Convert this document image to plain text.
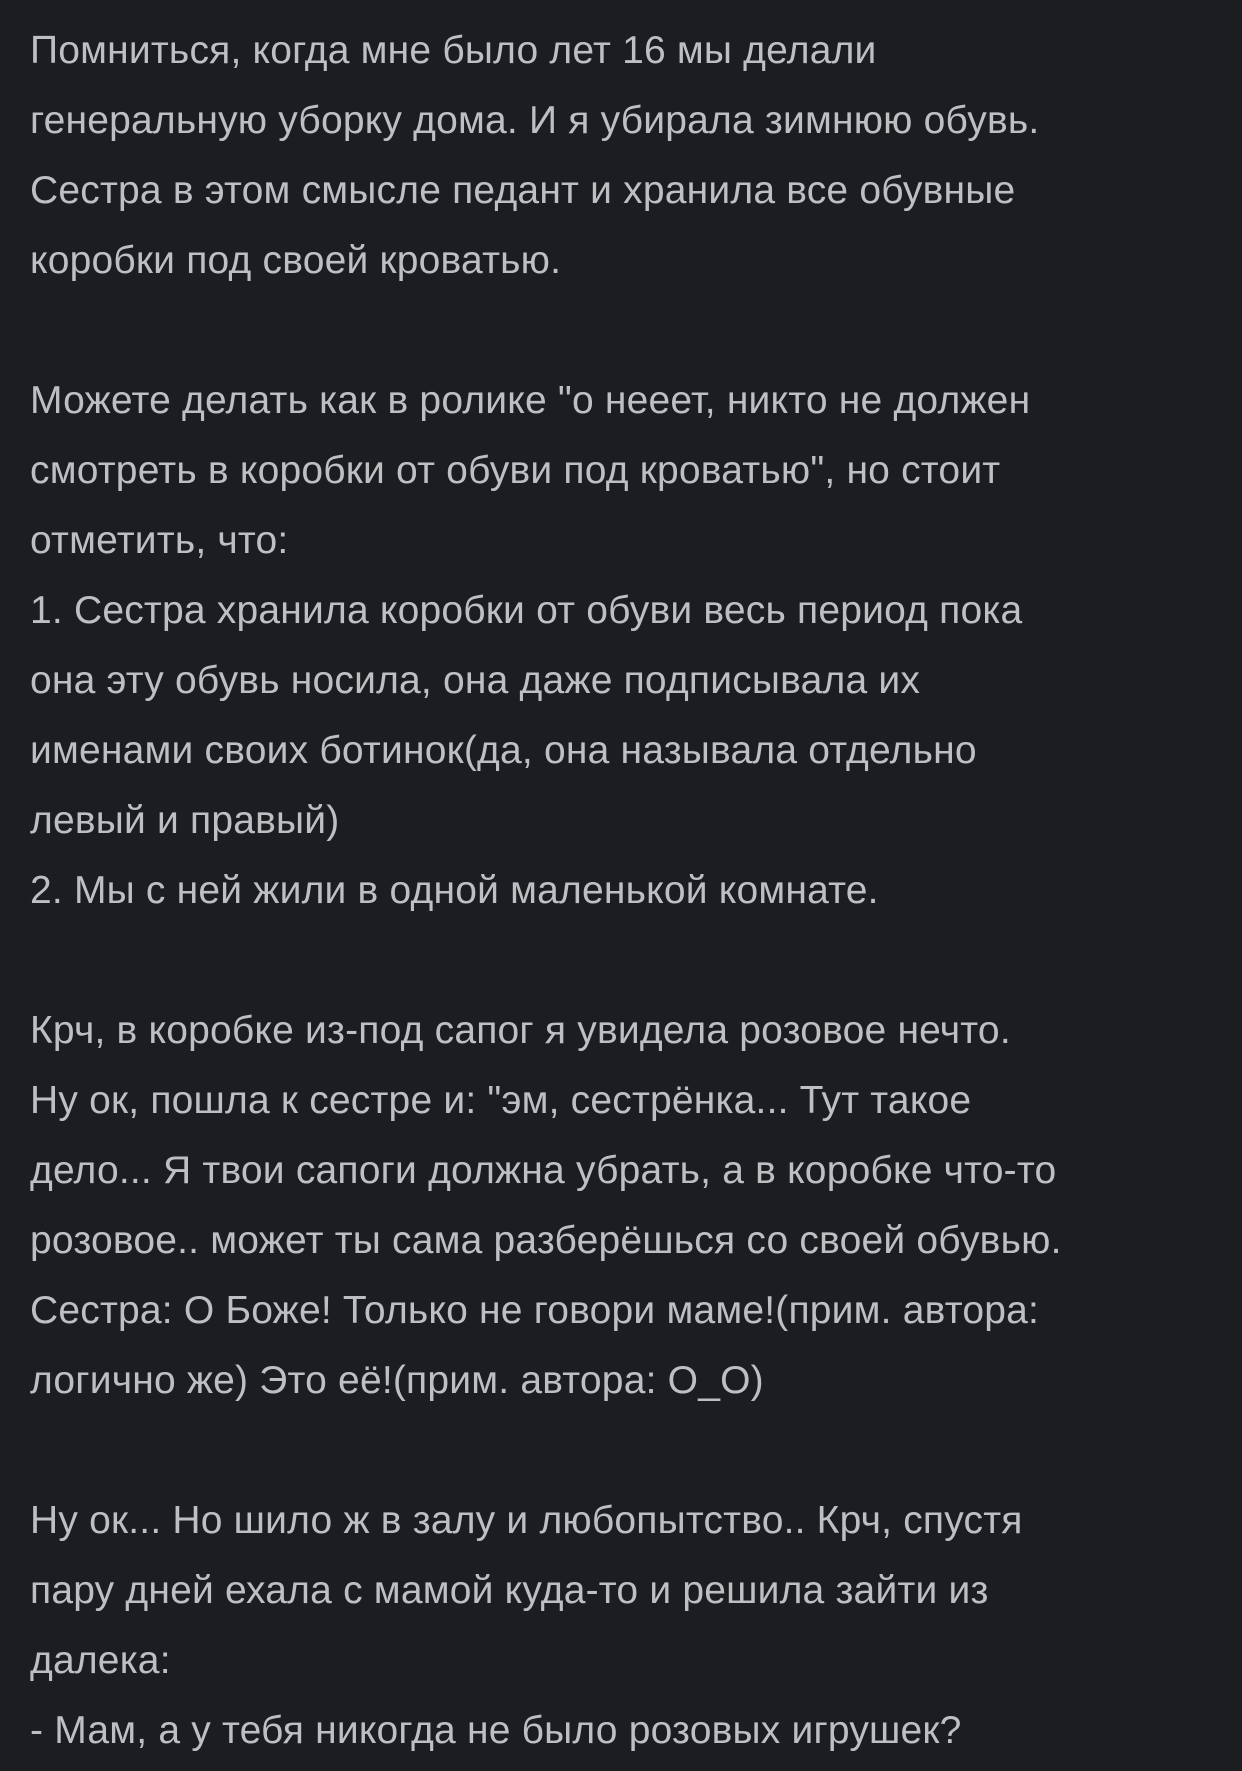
Помниться, когда мне было лет 16 мы делали
генеральную уборку дома. И я убирала зимнюю обувь.
Сестра в этом смысле педант и хранила все обувные
коробки под своей кроватью.
Можете делать как в ролике "о нееет, никто не должен
смотреть в коробки от обуви под кроватью", но стоит
отметить, что:
1. Сестра хранила коробки от обуви весь период пока
она эту обувь носила, она даже подписывала их
именами своих ботинок(да, она называла отдельно
левый и правый)
2. Мы с ней жили в одной маленькой комнате.
Крч, в коробке из-под сапог я увидела розовое нечто.
Ну ок, пошла к сестре и: "эм, сестрёнка... Тут такое
дело... Я твои сапоги должна убрать, а в коробке что-то
розовое.. может ты сама разберёшься со своей обувью.
Сестра: О Боже! Только не говори маме!(прим. автора:
логично же) Это её!(прим. автора: О_О)
Ну ок... Но шило ж в залу и любопытство.. Крч, спустя
пару дней ехала с мамой куда-то и решила зайти из
далека:
- Мам, а у тебя никогда не было розовых игрушек?
